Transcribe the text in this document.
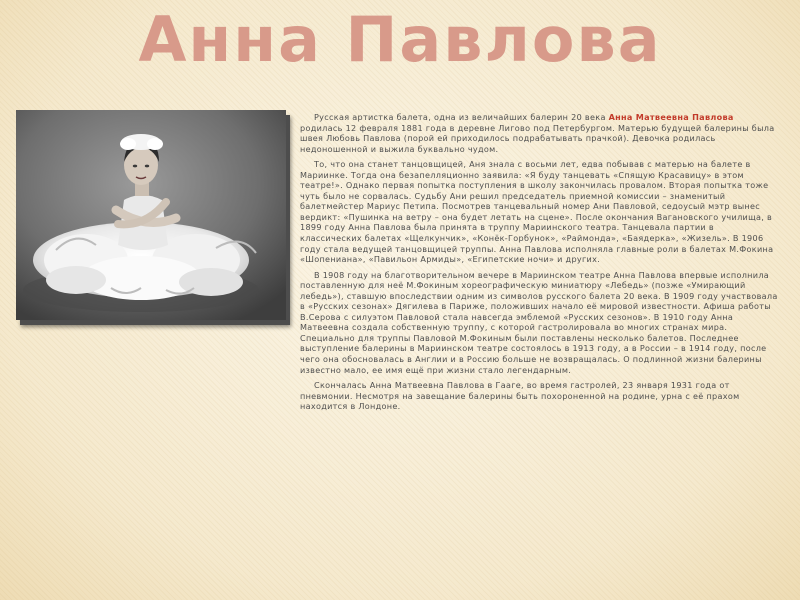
Анна Павлова

Русская артистка балета, одна из величайших балерин 20 века Анна Матвеевна Павлова родилась 12 февраля 1881 года в деревне Лигово под Петербургом. Матерью будущей балерины была швея Любовь Павлова (порой ей приходилось подрабатывать прачкой). Девочка родилась недоношенной и выжила буквально чудом.

То, что она станет танцовщицей, Аня знала с восьми лет, едва побывав с матерью на балете в Мариинке. Тогда она безапелляционно заявила: «Я буду танцевать «Спящую Красавицу» в этом театре!». Однако первая попытка поступления в школу закончилась провалом. Вторая попытка тоже чуть было не сорвалась. Судьбу Ани решил председатель приемной комиссии – знаменитый балетмейстер Мариус Петипа. Посмотрев танцевальный номер Ани Павловой, седоусый мэтр вынес вердикт: «Пушинка на ветру – она будет летать на сцене». После окончания Вагановского училища, в 1899 году Анна Павлова была принята в труппу Мариинского театра. Танцевала партии в классических балетах «Щелкунчик», «Конёк-Горбунок», «Раймонда», «Баядерка», «Жизель». В 1906 году стала ведущей танцовщицей труппы. Анна Павлова исполняла главные роли в балетах М.Фокина «Шопениана», «Павильон Армиды», «Египетские ночи» и других.

В 1908 году на благотворительном вечере в Мариинском театре Анна Павлова впервые исполнила поставленную для неё М.Фокиным хореографическую миниатюру «Лебедь» (позже «Умирающий лебедь»), ставшую впоследствии одним из символов русского балета 20 века. В 1909 году участвовала в «Русских сезонах» Дягилева в Париже, положивших начало её мировой известности. Афиша работы В.Серова с силуэтом Павловой стала навсегда эмблемой «Русских сезонов». В 1910 году Анна Матвеевна создала собственную труппу, с которой гастролировала во многих странах мира. Специально для труппы Павловой М.Фокиным были поставлены несколько балетов. Последнее выступление балерины в Мариинском театре состоялось в 1913 году, а в России – в 1914 году, после чего она обосновалась в Англии и в Россию больше не возвращалась. О подлинной жизни балерины известно мало, ее имя ещё при жизни стало легендарным.

Скончалась Анна Матвеевна Павлова в Гааге, во время гастролей, 23 января 1931 года от пневмонии. Несмотря на завещание балерины быть похороненной на родине, урна с её прахом находится в Лондоне.
